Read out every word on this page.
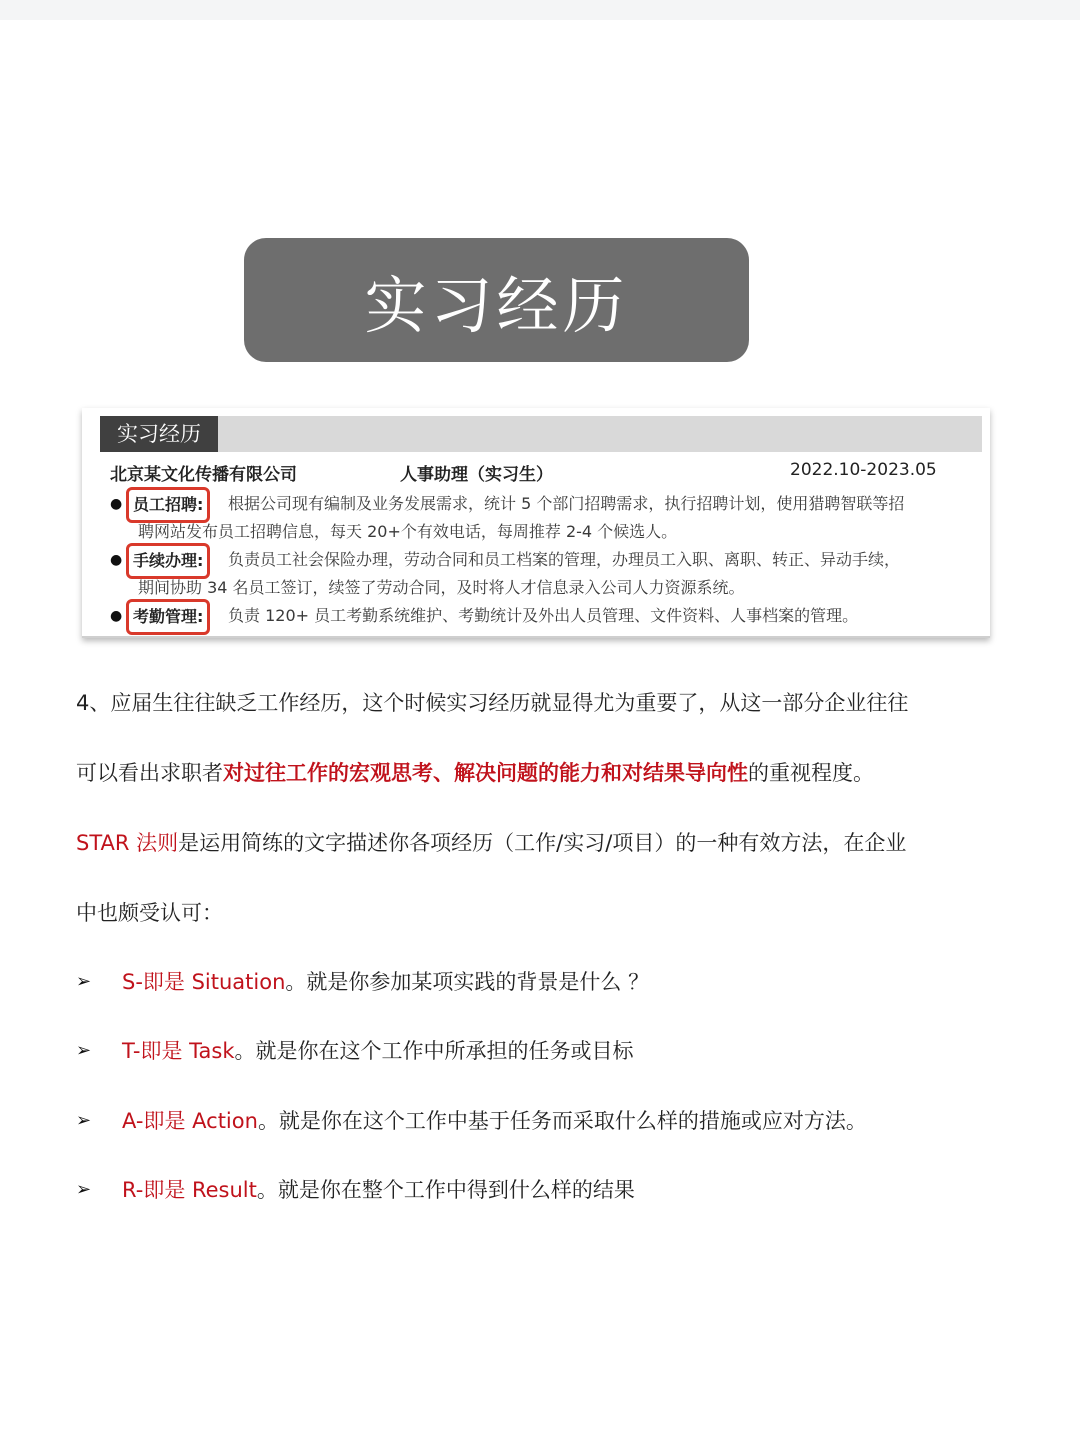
实习经历
实习经历
北京某文化传播有限公司	人事助理（实习生）	2022.10-2023.05
● 员工招聘:	根据公司现有编制及业务发展需求，统计 5 个部门招聘需求，执行招聘计划，使用猎聘智联等招
聘网站发布员工招聘信息，每天 20+个有效电话，每周推荐 2-4 个候选人。
● 手续办理:	负责员工社会保险办理，劳动合同和员工档案的管理，办理员工入职、离职、转正、异动手续，
期间协助 34 名员工签订，续签了劳动合同，及时将人才信息录入公司人力资源系统。
● 考勤管理:	负责 120+ 员工考勤系统维护、考勤统计及外出人员管理、文件资料、人事档案的管理。
4、应届生往往缺乏工作经历，这个时候实习经历就显得尤为重要了，从这一部分企业往往
可以看出求职者对过往工作的宏观思考、解决问题的能力和对结果导向性的重视程度。
STAR 法则是运用简练的文字描述你各项经历（工作/实习/项目）的一种有效方法，在企业
中也颇受认可：
➢ S-即是 Situation。就是你参加某项实践的背景是什么 ？
➢ T-即是 Task。就是你在这个工作中所承担的任务或目标
➢ A-即是 Action。就是你在这个工作中基于任务而采取什么样的措施或应对方法。
➢ R-即是 Result。就是你在整个工作中得到什么样的结果
